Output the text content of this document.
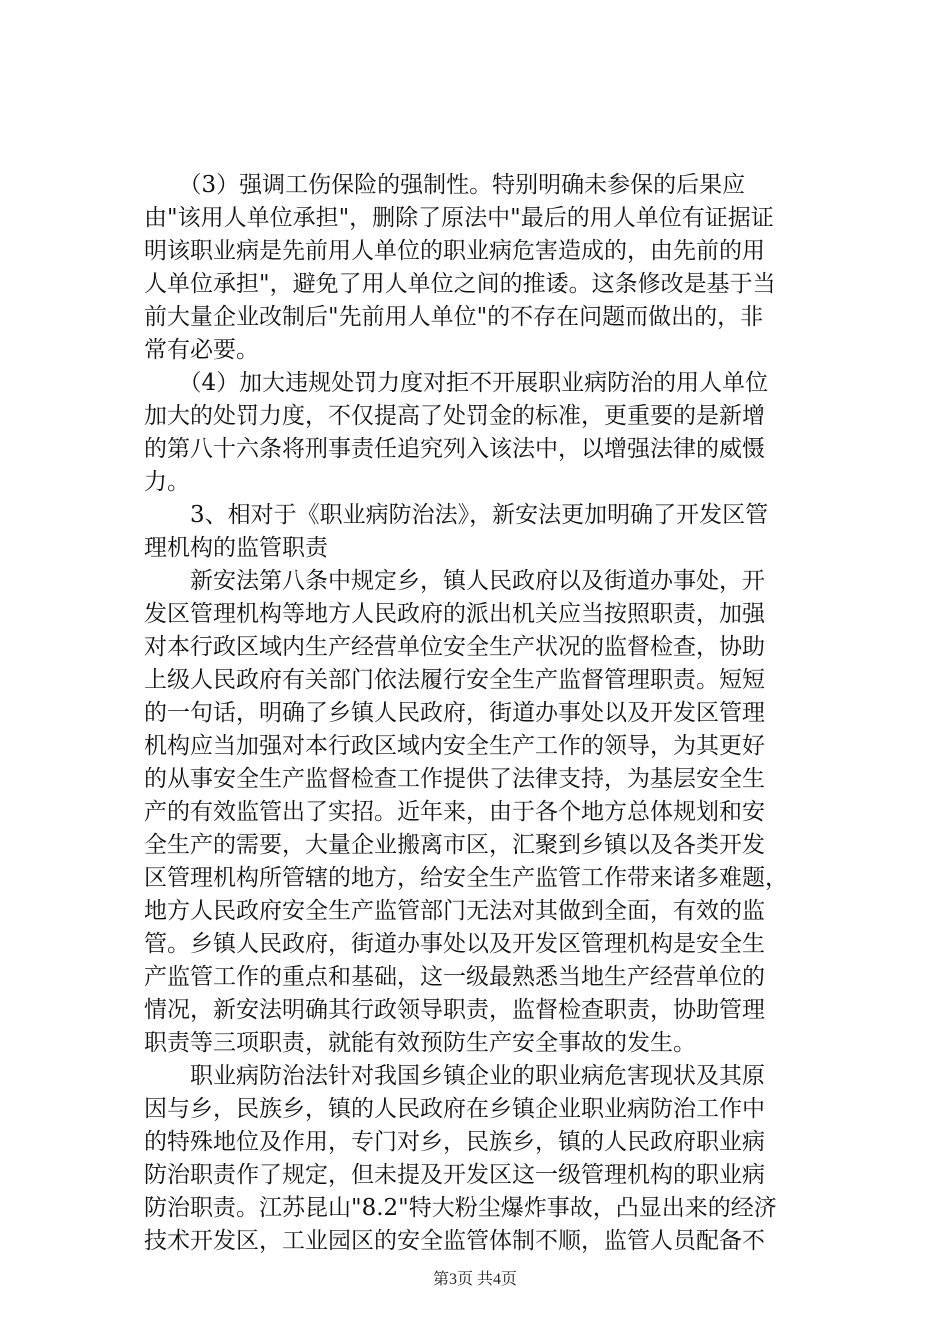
　　（3）强调工伤保险的强制性。特别明确未参保的后果应
由"该用人单位承担"，删除了原法中"最后的用人单位有证据证
明该职业病是先前用人单位的职业病危害造成的，由先前的用
人单位承担"，避免了用人单位之间的推诿。这条修改是基于当
前大量企业改制后"先前用人单位"的不存在问题而做出的，非
常有必要。
　　（4）加大违规处罚力度对拒不开展职业病防治的用人单位
加大的处罚力度，不仅提高了处罚金的标准，更重要的是新增
的第八十六条将刑事责任追究列入该法中，以增强法律的威慑
力。
　　3、相对于《职业病防治法》，新安法更加明确了开发区管
理机构的监管职责
　　新安法第八条中规定乡，镇人民政府以及街道办事处，开
发区管理机构等地方人民政府的派出机关应当按照职责，加强
对本行政区域内生产经营单位安全生产状况的监督检查，协助
上级人民政府有关部门依法履行安全生产监督管理职责。短短
的一句话，明确了乡镇人民政府，街道办事处以及开发区管理
机构应当加强对本行政区域内安全生产工作的领导，为其更好
的从事安全生产监督检查工作提供了法律支持，为基层安全生
产的有效监管出了实招。近年来，由于各个地方总体规划和安
全生产的需要，大量企业搬离市区，汇聚到乡镇以及各类开发
区管理机构所管辖的地方，给安全生产监管工作带来诸多难题，
地方人民政府安全生产监管部门无法对其做到全面，有效的监
管。乡镇人民政府，街道办事处以及开发区管理机构是安全生
产监管工作的重点和基础，这一级最熟悉当地生产经营单位的
情况，新安法明确其行政领导职责，监督检查职责，协助管理
职责等三项职责，就能有效预防生产安全事故的发生。
　　职业病防治法针对我国乡镇企业的职业病危害现状及其原
因与乡，民族乡，镇的人民政府在乡镇企业职业病防治工作中
的特殊地位及作用，专门对乡，民族乡，镇的人民政府职业病
防治职责作了规定，但未提及开发区这一级管理机构的职业病
防治职责。江苏昆山"8.2"特大粉尘爆炸事故，凸显出来的经济
技术开发区，工业园区的安全监管体制不顺，监管人员配备不
第3页 共4页
